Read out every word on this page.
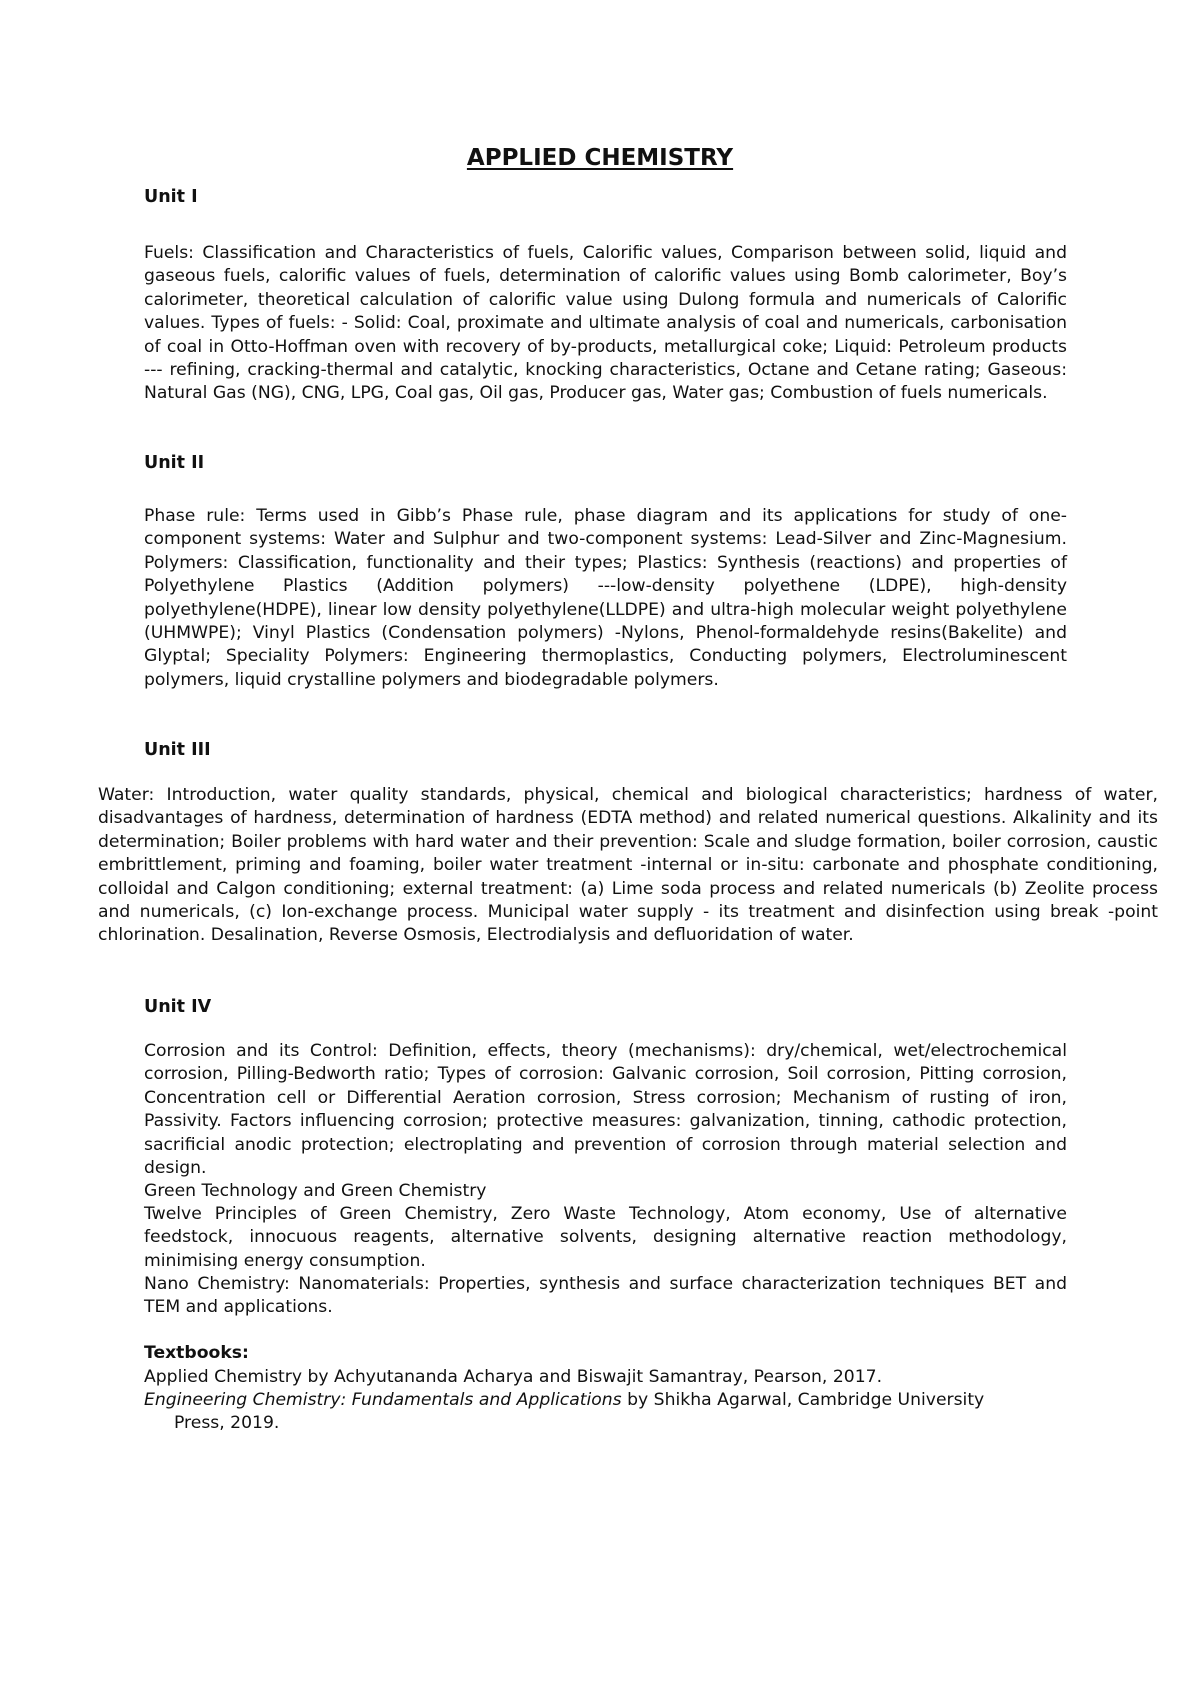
APPLIED CHEMISTRY
Unit I

Fuels: Classification and Characteristics of fuels, Calorific values, Comparison between solid, liquid and gaseous fuels, calorific values of fuels, determination of calorific values using Bomb calorimeter, Boy’s calorimeter, theoretical calculation of calorific value using Dulong formula and numericals of Calorific values. Types of fuels: - Solid: Coal, proximate and ultimate analysis of coal and numericals, carbonisation of coal in Otto-Hoffman oven with recovery of by-products, metallurgical coke; Liquid: Petroleum products --- refining, cracking-thermal and catalytic, knocking characteristics, Octane and Cetane rating; Gaseous: Natural Gas (NG), CNG, LPG, Coal gas, Oil gas, Producer gas, Water gas; Combustion of fuels numericals.

Unit II

Phase rule: Terms used in Gibb’s Phase rule, phase diagram and its applications for study of one-component systems: Water and Sulphur and two-component systems: Lead-Silver and Zinc-Magnesium. Polymers: Classification, functionality and their types; Plastics: Synthesis (reactions) and properties of Polyethylene Plastics (Addition polymers) ---low-density polyethene (LDPE), high-density polyethylene(HDPE), linear low density polyethylene(LLDPE) and ultra-high molecular weight polyethylene (UHMWPE); Vinyl Plastics (Condensation polymers) -Nylons, Phenol-formaldehyde resins(Bakelite) and Glyptal; Speciality Polymers: Engineering thermoplastics, Conducting polymers, Electroluminescent polymers, liquid crystalline polymers and biodegradable polymers.

Unit III

Water: Introduction, water quality standards, physical, chemical and biological characteristics; hardness of water, disadvantages of hardness, determination of hardness (EDTA method) and related numerical questions. Alkalinity and its determination; Boiler problems with hard water and their prevention: Scale and sludge formation, boiler corrosion, caustic embrittlement, priming and foaming, boiler water treatment -internal or in-situ: carbonate and phosphate conditioning, colloidal and Calgon conditioning; external treatment: (a) Lime soda process and related numericals (b) Zeolite process and numericals, (c) Ion-exchange process. Municipal water supply - its treatment and disinfection using break -point chlorination. Desalination, Reverse Osmosis, Electrodialysis and defluoridation of water.

Unit IV

Corrosion and its Control: Definition, effects, theory (mechanisms): dry/chemical, wet/electrochemical corrosion, Pilling-Bedworth ratio; Types of corrosion: Galvanic corrosion, Soil corrosion, Pitting corrosion, Concentration cell or Differential Aeration corrosion, Stress corrosion; Mechanism of rusting of iron, Passivity. Factors influencing corrosion; protective measures: galvanization, tinning, cathodic protection, sacrificial anodic protection; electroplating and prevention of corrosion through material selection and design.

Green Technology and Green Chemistry

Twelve Principles of Green Chemistry, Zero Waste Technology, Atom economy, Use of alternative feedstock, innocuous reagents, alternative solvents, designing alternative reaction methodology, minimising energy consumption.

Nano Chemistry: Nanomaterials: Properties, synthesis and surface characterization techniques BET and TEM and applications.

Textbooks:

Applied Chemistry by Achyutananda Acharya and Biswajit Samantray, Pearson, 2017.

Engineering Chemistry: Fundamentals and Applications by Shikha Agarwal, Cambridge University
Press, 2019.
